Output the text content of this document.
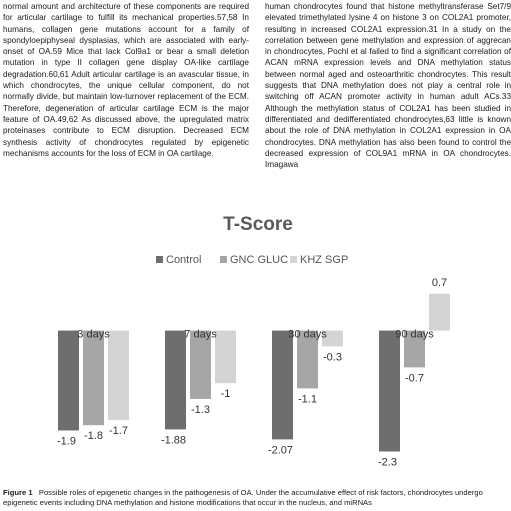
normal amount and architecture of these components are required for articular cartilage to fulfill its mechanical properties.57,58 In humans, collagen gene mutations account for a family of spondyloepiphyseal dysplasias, which are associated with early-onset of OA.59 Mice that lack Col9a1 or bear a small deletion mutation in type II collagen gene display OA-like cartilage degradation.60,61 Adult articular cartilage is an avascular tissue, in which chondrocytes, the unique cellular component, do not normally divide, but maintain low-turnover replacement of the ECM. Therefore, degeneration of articular cartilage ECM is the major feature of OA.49,62 As discussed above, the upregulated matrix proteinases contribute to ECM disruption. Decreased ECM synthesis activity of chondrocytes regulated by epigenetic mechanisms accounts for the loss of ECM in OA cartilage.

human chondrocytes found that histone methyltransferase Set7/9 elevated trimethylated lysine 4 on histone 3 on COL2A1 promoter, resulting in increased COL2A1 expression.31 In a study on the correlation between gene methylation and expression of aggrecan in chondrocytes, Pochl et al failed to find a significant correlation of ACAN mRNA expression levels and DNA methylation status between normal aged and osteoarthritic chondrocytes. This result suggests that DNA methylation does not play a central role in switching off ACAN promoter activity in human adult ACs.33 Although the methylation status of COL2A1 has been studied in differentiated and dedifferentiated chondrocytes,63 little is known about the role of DNA methylation in COL2A1 expression in OA chondrocytes. DNA methylation has also been found to control the decreased expression of COL9A1 mRNA in OA chondrocytes. Imagawa

T-Score
Control	GNC GLUC KHZ SGP
-1.9 -1.8 -1.7
3 days
-1.88
-1.3
-1
7 days
-2.07
-1.1
-0.3
30 days
-2.3
-0.7
0.7
90 days

Figure 1 Possible roles of epigenetic changes in the pathogenesis of OA. Under the accumulative effect of risk factors, chondrocytes undergo epigenetic events including DNA methylation and histone modifications that occur in the nucleus, and miRNAs
